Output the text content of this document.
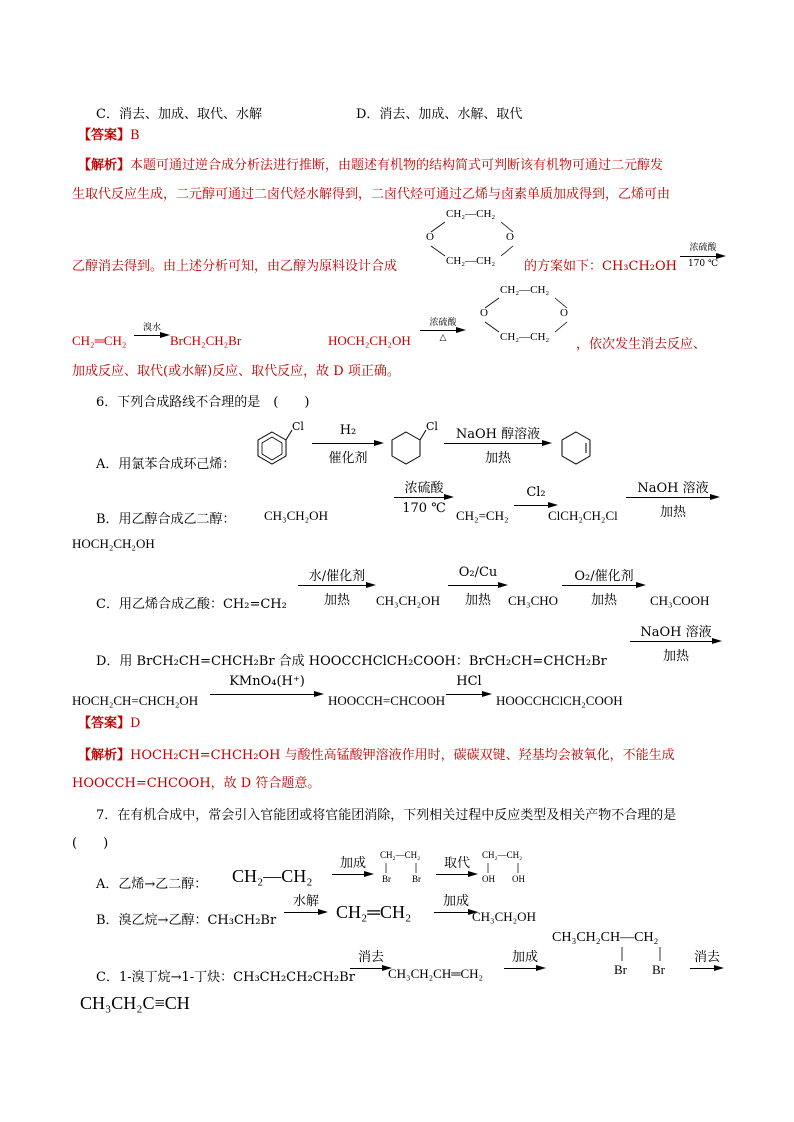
C．消去、加成、取代、水解	D．消去、加成、水解、取代
【答案】B
【解析】本题可通过逆合成分析法进行推断，由题述有机物的结构简式可判断该有机物可通过二元醇发
生取代反应生成，二元醇可通过二卤代烃水解得到，二卤代烃可通过乙烯与卤素单质加成得到，乙烯可由
CH₂—CH₂
O	O
CH₂—CH₂
乙醇消去得到。由上述分析可知，由乙醇为原料设计合成	的方案如下：CH₃CH₂OH
浓硫酸
170 ℃
CH₂═CH₂
溴水
BrCH₂CH₂Br	HOCH₂CH₂OH
浓硫酸
△
CH₂—CH₂
O	O
CH₂—CH₂ ，依次发生消去反应、
加成反应、取代(或水解)反应、取代反应，故 D 项正确。
6．下列合成路线不合理的是　(　　)
A．用氯苯合成环己烯：
Cl	H₂
催化剂
Cl
NaOH 醇溶液
加热
B．用乙醇合成乙二醇： CH₃CH₂OH
浓硫酸
170 ℃ CH₂=CH₂
Cl₂
ClCH₂CH₂Cl
NaOH 溶液
加热
HOCH₂CH₂OH
C．用乙烯合成乙酸：CH₂=CH₂
水/催化剂
加热	CH₃CH₂OH
O₂/Cu
加热	CH₃CHO
O₂/催化剂
加热	CH₃COOH
D．用 BrCH₂CH=CHCH₂Br 合成 HOOCCHClCH₂COOH：BrCH₂CH=CHCH₂Br
NaOH 溶液
加热
HOCH₂CH=CHCH₂OH
KMnO₄(H⁺)
HOOCCH=CHCOOH
HCl
HOOCCHClCH₂COOH
【答案】D
【解析】HOCH₂CH=CHCH₂OH 与酸性高锰酸钾溶液作用时，碳碳双键、羟基均会被氧化，不能生成
HOOCCH=CHCOOH，故 D 符合题意。
7．在有机合成中，常会引入官能团或将官能团消除，下列相关过程中反应类型及相关产物不合理的是
(　　)
A．乙烯→乙二醇： CH₂—CH₂
加成
CH₂—CH₂
Br Br
取代
CH₂—CH₂
OH OH
B．溴乙烷→乙醇：CH₃CH₂Br
水解
CH₂═CH₂
加成
CH₃CH₂OH
C．1-溴丁烷→1-丁炔：CH₃CH₂CH₂CH₂Br
消去
CH₃CH₂CH═CH₂
加成
CH₃CH₂CH—CH₂
Br Br
消去
CH₃CH₂C≡CH
